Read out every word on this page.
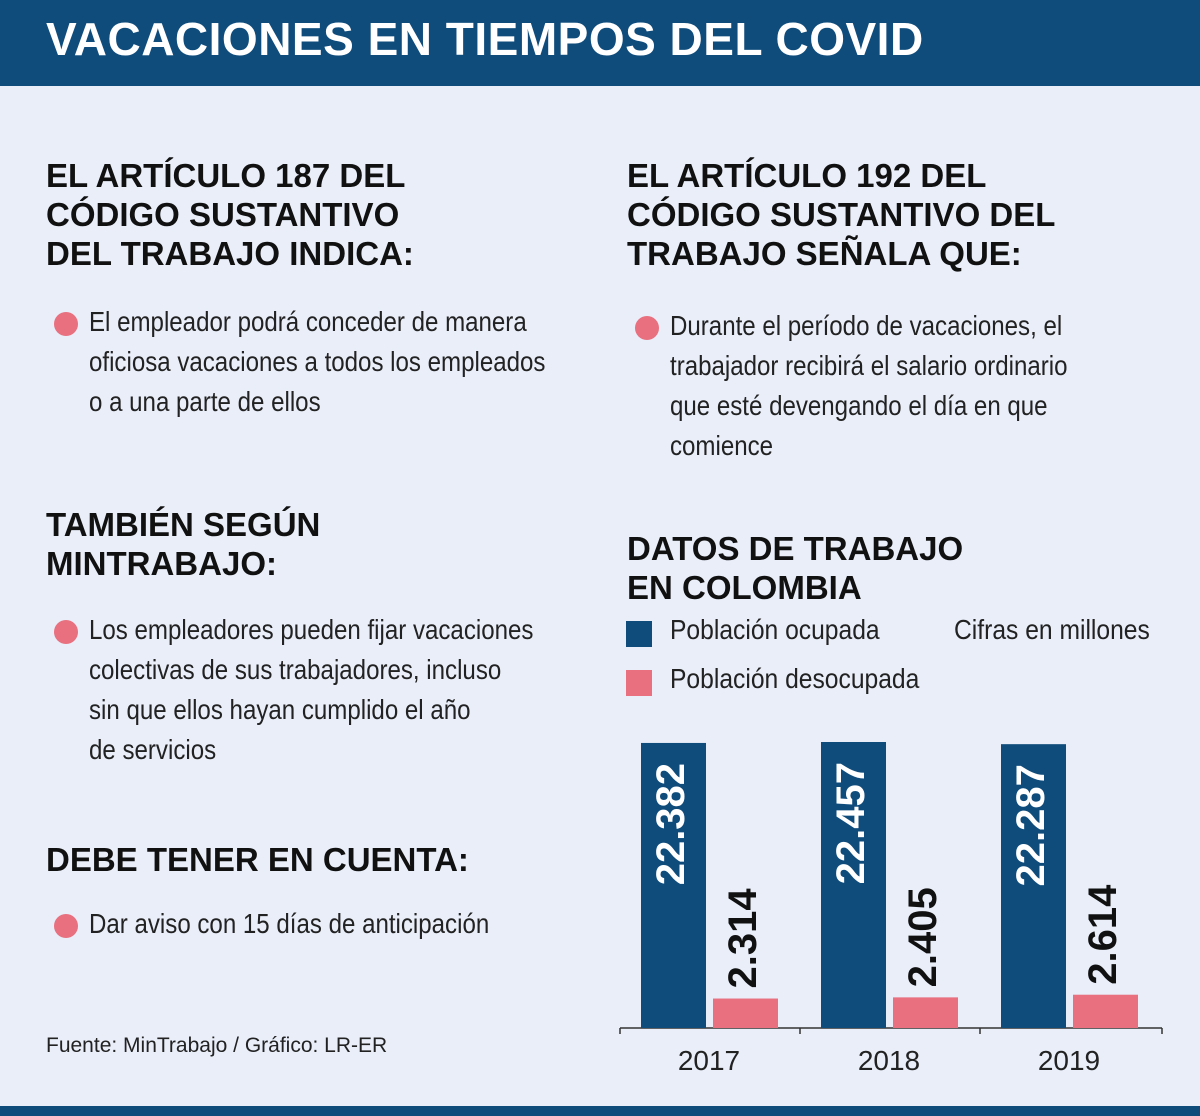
VACACIONES EN TIEMPOS DEL COVID
EL ARTÍCULO 187 DEL
CÓDIGO SUSTANTIVO
DEL TRABAJO INDICA:
El empleador podrá conceder de manera
oficiosa vacaciones a todos los empleados
o a una parte de ellos
EL ARTÍCULO 192 DEL
CÓDIGO SUSTANTIVO DEL
TRABAJO SEÑALA QUE:
Durante el período de vacaciones, el
trabajador recibirá el salario ordinario
que esté devengando el día en que
comience
TAMBIÉN SEGÚN
MINTRABAJO:
Los empleadores pueden fijar vacaciones
colectivas de sus trabajadores, incluso
sin que ellos hayan cumplido el año
de servicios
DEBE TENER EN CUENTA:
Dar aviso con 15 días de anticipación
Fuente: MinTrabajo / Gráfico: LR-ER
DATOS DE TRABAJO
EN COLOMBIA
Población ocupada
Población desocupada
Cifras en millones
22.382
2.314
2017
22.457
2.405
2018
22.287
2.614
2019
